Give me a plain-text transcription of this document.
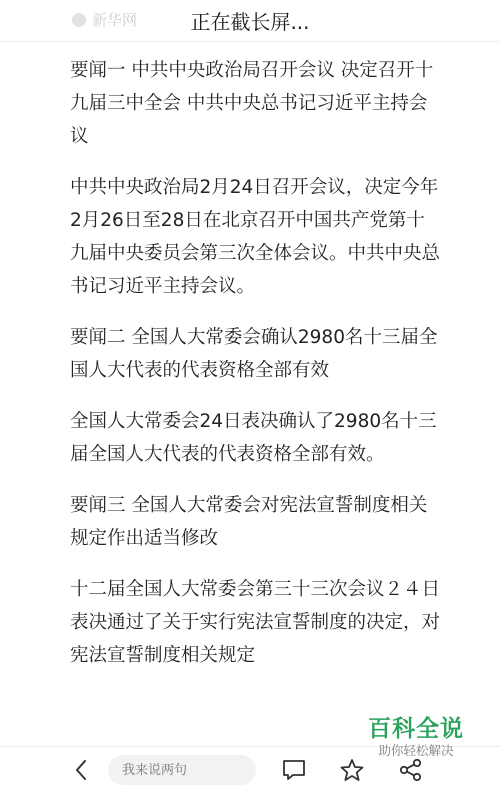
新华网	正在截长屏...

要闻一 中共中央政治局召开会议 决定召开十九届三中全会 中共中央总书记习近平主持会议

中共中央政治局2月24日召开会议，决定今年2月26日至28日在北京召开中国共产党第十九届中央委员会第三次全体会议。中共中央总书记习近平主持会议。

要闻二 全国人大常委会确认2980名十三届全国人大代表的代表资格全部有效

全国人大常委会24日表决确认了2980名十三届全国人大代表的代表资格全部有效。

要闻三 全国人大常委会对宪法宣誓制度相关规定作出适当修改

十二届全国人大常委会第三十三次会议２４日表决通过了关于实行宪法宣誓制度的决定，对宪法宣誓制度相关规定

我来说两句
百科全说
助你轻松解决
